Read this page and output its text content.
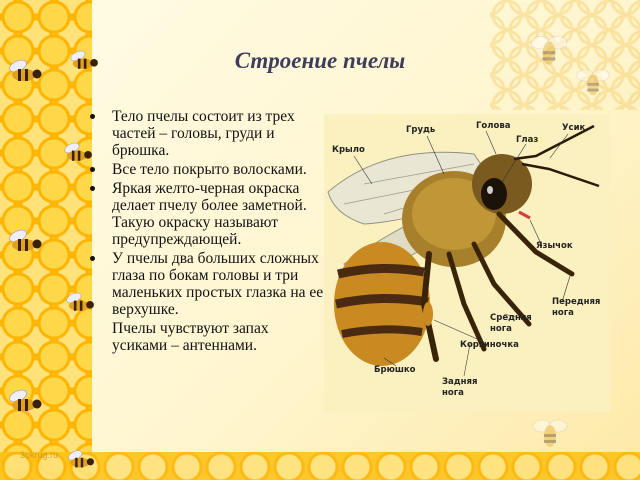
Строение пчелы
Тело пчелы состоит из трех частей – головы, груди и брюшка.
Все тело покрыто волосками.
Яркая желто-черная окраска делает пчелу более заметной. Такую окраску называют предупреждающей.
У пчелы два больших сложных глаза по бокам головы и три маленьких простых глазка на ее верхушке.
Пчелы чувствуют запах усиками – антеннами.
Грудь	Голова
Глаз
Усик
Крыло
Язычок
Передняя
нога
Средняя
нога
Корзиночка
Брюшко
Задняя
нога
3okrug.ru
